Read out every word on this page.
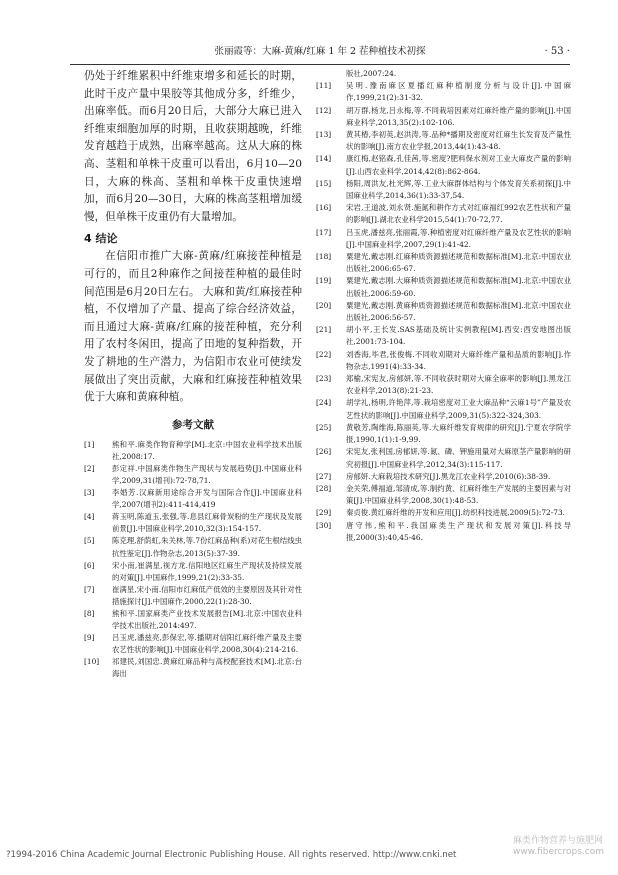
张丽霞等：大麻-黄麻/红麻 1 年 2 茬种植技术初探	· 53 ·

仍处于纤维累积中纤维束增多和延长的时期，此时干皮产量中果胶等其他成分多，纤维少，出麻率低。而6月20日后，大部分大麻已进入纤维束细胞加厚的时期，且收获期越晚，纤维发育越趋于成熟，出麻率越高。这从大麻的株高、茎粗和单株干皮重可以看出，6月10—20日，大麻的株高、茎粗和单株干皮重快速增加，而6月20—30日，大麻的株高茎粗增加缓慢，但单株干皮重仍有大量增加。

4 结论

在信阳市推广大麻-黄麻/红麻接茬种植是可行的，而且2种麻作之间接茬种植的最佳时间范围是6月20日左右。 大麻和黄/红麻接茬种植，不仅增加了产量、提高了综合经济效益，而且通过大麻-黄麻/红麻的接茬种植，充分利用了农村冬闲田，提高了田地的复种指数，开发了耕地的生产潜力，为信阳市农业可使续发展做出了突出贡献，大麻和红麻接茬种植效果优于大麻和黄麻种植。

参考文献

[1] 熊和平.麻类作物育种学[M].北京:中国农业科学技术出版社,2008:17.

[2] 彭定祥.中国麻类作物生产现状与发展趋势[J].中国麻业科学,2009,31(增刊):72-78,71.

[3] 李婚芳.汉麻新用途综合开发与国际合作[J].中国麻业科学,2007(增刊2):411-414,419

[4] 蒋玉明,陈道玉,张强,等.息县红麻骨炭粉的生产现状及发展前景[J].中国麻业科学,2010,32(3):154-157.

[5] 陈克理,舒荫虹,朱关林,等.7份红麻品种(系)对花生根结线虫抗性鉴定[J].作物杂志,2013(5):37-39.

[6] 宋小南,崔满星,视方龙.信阳地区红麻生产现状及持续发展的对策[J].中国麻作,1999,21(2):33-35.

[7] 崔满星,宋小南.信阳市红麻低产低效的主要原因及其针对性措施探讨[J].中国麻作,2000,22(1):28-30.

[8] 熊和平.国家麻类产业技术发展报告[M].北京:中国农业科学技术出版社,2014:497.

[9] 吕玉虎,潘兹亮,彭保宏,等.播期对信阳红麻纤维产量及主要农艺性状的影响[J].中国麻业科学,2008,30(4):214-216.

[10] 祁建民,刘国忠.黄麻红麻品种与高校配套技术[M].北京:台海出

版社,2007:24.

[11] 吴明.豫南麻区夏播红麻种植制度分析与设计[J].中国麻作,1999,21(2):31-32.

[12] 胡万群,杨龙,吕永梅,等.不同栽培因素对红麻纤维产量的影响[J].中国麻业科学,2013,35(2):102-106.

[13] 黄其椿,李初英,赵洪涛,等.品种*播期及密度对红麻生长发育及产量性状的影响[J].南方农业学报,2013,44(1):43-48.

[14] 康红梅,赵铭森,孔佳茜,等.密度?肥料保水剂对工业大麻皮产量的影响[J].山西农业科学,2014,42(8):862-864.

[15] 杨阳,周洪友,杜光辉,等.工业大麻群体结构与个体发育关系初探[J].中国麻业科学,2014,36(1):33-37,54.

[16] 宋岩,王道波,刘永贤.施氮和耕作方式对红麻福红992农艺性状和产量的影响[J].湖北农业科学2015,54(1):70-72,77.

[17] 吕玉虎,潘兹亮,张丽霞,等.种植密度对红麻纤维产量及农艺性状的影响[J].中国麻业科学,2007,29(1):41-42.

[18] 粟建光,戴志刚.红麻种质资源描述规范和数据标准[M].北京:中国农业出版社,2006:65-67.

[19] 粟建光,戴志刚.大麻种质资源描述规范和数据标准[M].北京:中国农业出版社,2006:59-60.

[20] 粟建光,戴志刚.黄麻种质资源描述规范和数据标准[M].北京:中国农业出版社,2006:56-57.

[21] 胡小平,王长发.SAS基础及统计实例教程[M].西安:西安地图出版社,2001:73-104.

[22] 刘香海,毕君,张俊梅.不同收刈期对大麻纤维产量和品质的影响[J].作物杂志,1991(4):33-34.

[23] 郑榆,宋宪友,房郁妍,等.不同收获时期对大麻全麻率的影响[J].黑龙江农业科学,2013(8):21-23.

[24] 胡学礼,杨明,许艳萍,等.栽培密度对工业大麻品种“云麻1号”产量及农艺性状的影响[J].中国麻业科学,2009,31(5):322-324,303.

[25] 黄敬芳,陶维海,陈丽英,等.大麻纤维发育规律的研究[J].宁夏农学院学报,1990,1(1):1-9,99.

[26] 宋宪友,张利国,房郁妍,等.氮、磷、钾施用量对大麻原茎产量影响的研究初报[J].中国麻业科学,2012,34(3):115-117.

[27] 房郁妍.大麻栽培技术研究[J].黑龙江农业科学,2010(6):38-39.

[28] 金关荣,傅福道,邹清成,等.制约黄、红麻纤维生产发展的主要因素与对策[J].中国麻业科学,2008,30(1):48-53.

[29] 秦贞俊.黄红麻纤维的开发和应用[J].纺织科技进展,2009(5):72-73.

[30] 唐守伟,熊和平.我国麻类生产现状和发展对策[J].科技导报,2000(3):40,45-46.

?1994-2016 China Academic Journal Electronic Publishing House. All rights reserved. http://www.cnki.net
麻类作物营养与施肥网
www.fibercrops.com
